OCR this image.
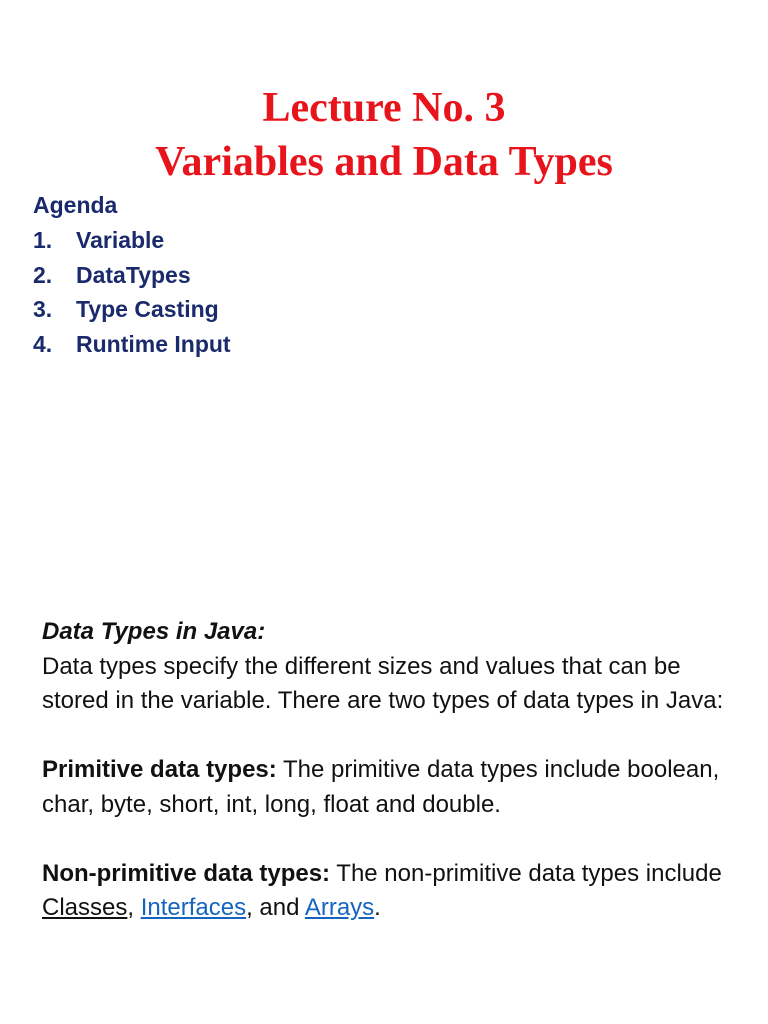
Lecture No. 3
Variables and Data Types

Agenda

1.	Variable
2.	DataTypes
3.	Type Casting
4.	Runtime Input

Data Types in Java:

Data types specify the different sizes and values that can be stored in the variable. There are two types of data types in Java:

Primitive data types: The primitive data types include boolean, char, byte, short, int, long, float and double.

Non-primitive data types: The non-primitive data types include Classes, Interfaces, and Arrays.
